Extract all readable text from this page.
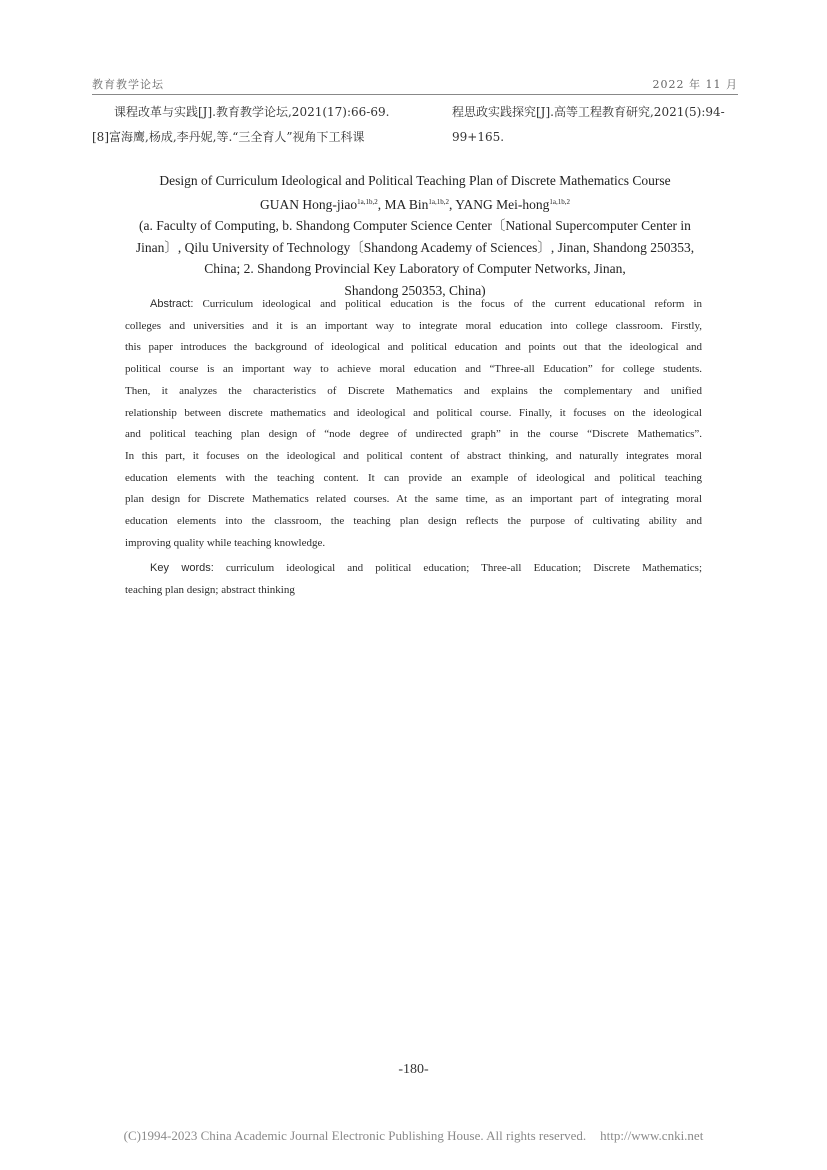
教育教学论坛	2022 年 11 月
课程改革与实践[J].教育教学论坛,2021(17):66-69.
[8]富海鹰,杨成,李丹妮,等.“三全育人”视角下工科课
程思政实践探究[J].高等工程教育研究,2021(5):94-
99+165.
Design of Curriculum Ideological and Political Teaching Plan of Discrete Mathematics Course
GUAN Hong-jiao$^{1a,1b,2}$, MA Bin$^{1a,1b,2}$, YANG Mei-hong$^{1a,1b,2}$
(a. Faculty of Computing, b. Shandong Computer Science Center〔National Supercomputer Center in
Jinan〕, Qilu University of Technology〔Shandong Academy of Sciences〕, Jinan, Shandong 250353,
China; 2. Shandong Provincial Key Laboratory of Computer Networks, Jinan,
Shandong 250353, China)
Abstract: Curriculum ideological and political education is the focus of the current educational reform in
colleges and universities and it is an important way to integrate moral education into college classroom. Firstly,
this paper introduces the background of ideological and political education and points out that the ideological and
political course is an important way to achieve moral education and “Three-all Education” for college students.
Then, it analyzes the characteristics of Discrete Mathematics and explains the complementary and unified
relationship between discrete mathematics and ideological and political course. Finally, it focuses on the ideological
and political teaching plan design of “node degree of undirected graph” in the course “Discrete Mathematics”.
In this part, it focuses on the ideological and political content of abstract thinking, and naturally integrates moral
education elements with the teaching content. It can provide an example of ideological and political teaching
plan design for Discrete Mathematics related courses. At the same time, as an important part of integrating moral
education elements into the classroom, the teaching plan design reflects the purpose of cultivating ability and
improving quality while teaching knowledge.
Key words: curriculum ideological and political education; Three-all Education; Discrete Mathematics;
teaching plan design; abstract thinking
-180-
(C)1994-2023 China Academic Journal Electronic Publishing House. All rights reserved. http://www.cnki.net
